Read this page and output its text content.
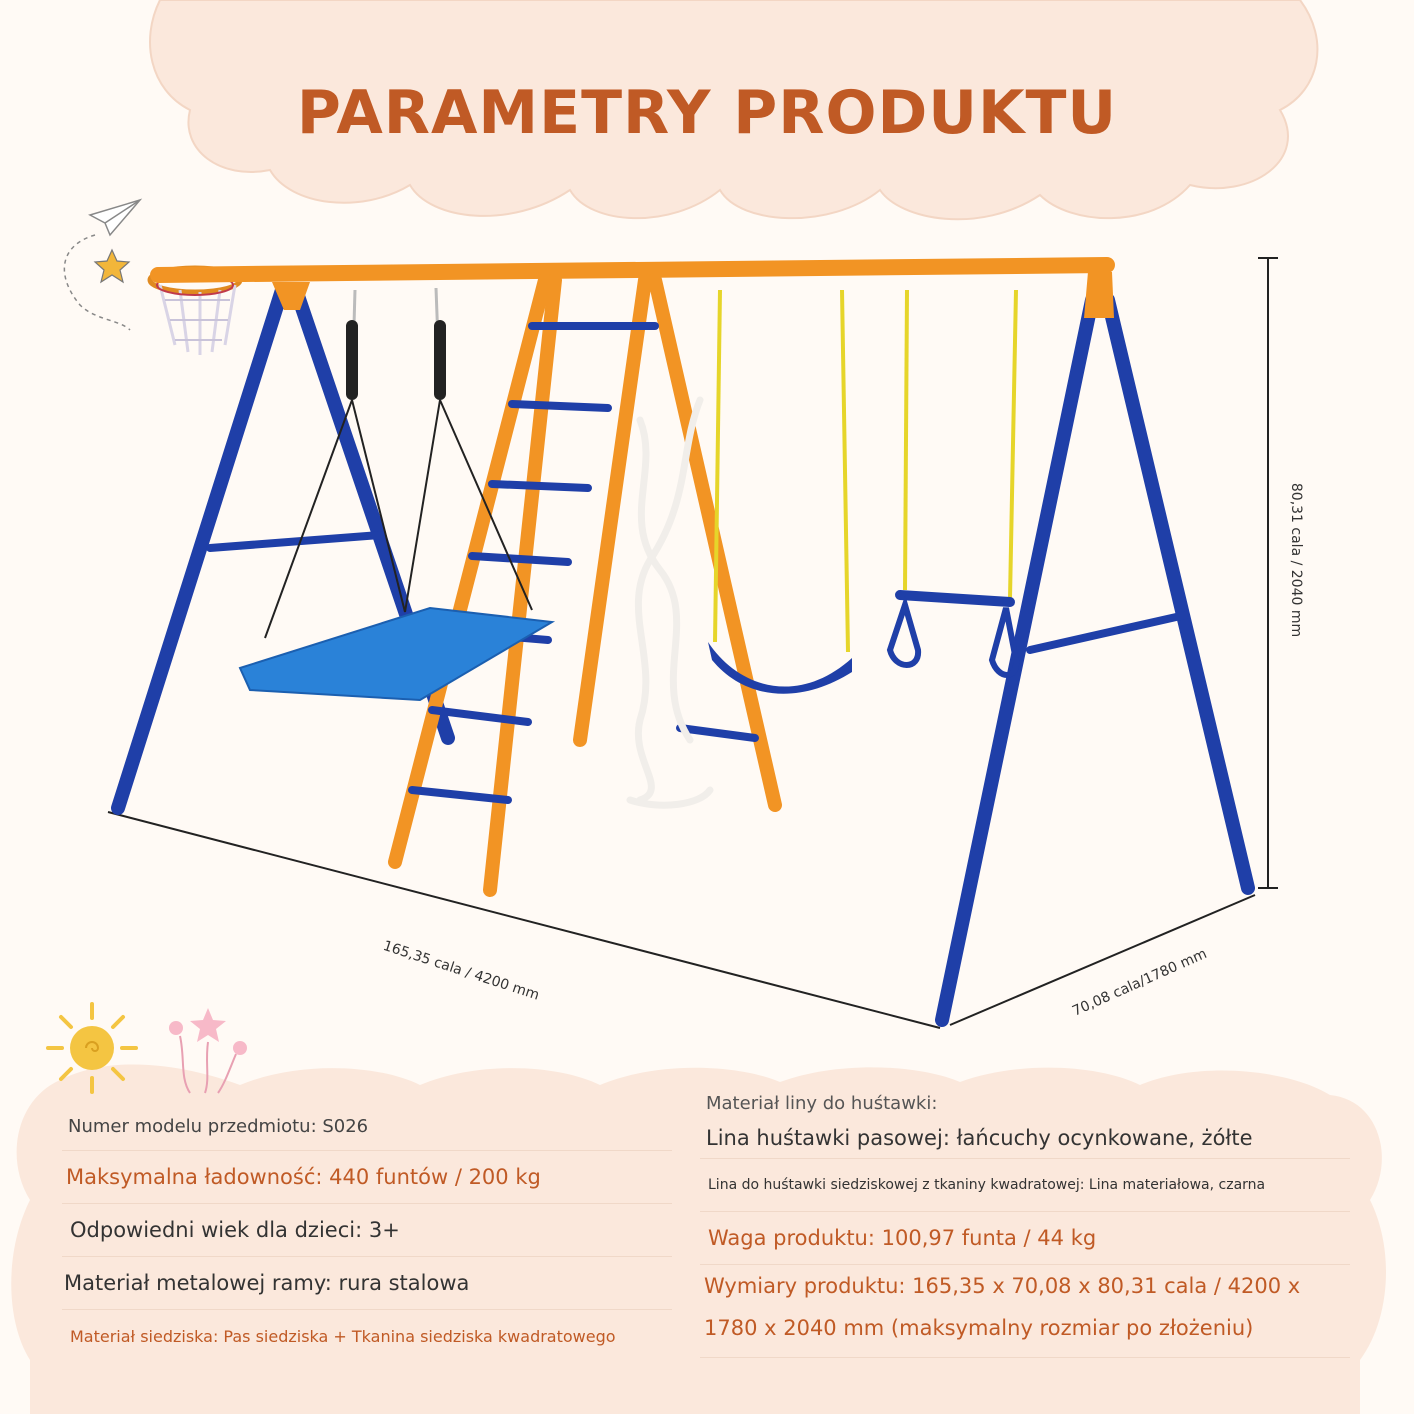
PARAMETRY PRODUKTU
165,35 cala / 4200 mm	70,08 cala/1780 mm
80,31 cala / 2040 mm
Numer modelu przedmiotu: S026
Maksymalna ładowność: 440 funtów / 200 kg
Odpowiedni wiek dla dzieci: 3+
Materiał metalowej ramy: rura stalowa
Materiał siedziska: Pas siedziska + Tkanina siedziska kwadratowego
Materiał liny do huśtawki:
Lina huśtawki pasowej: łańcuchy ocynkowane, żółte
Lina do huśtawki siedziskowej z tkaniny kwadratowej: Lina materiałowa, czarna
Waga produktu: 100,97 funta / 44 kg
Wymiary produktu: 165,35 x 70,08 x 80,31 cala / 4200 x 1780 x 2040 mm (maksymalny rozmiar po złożeniu)
